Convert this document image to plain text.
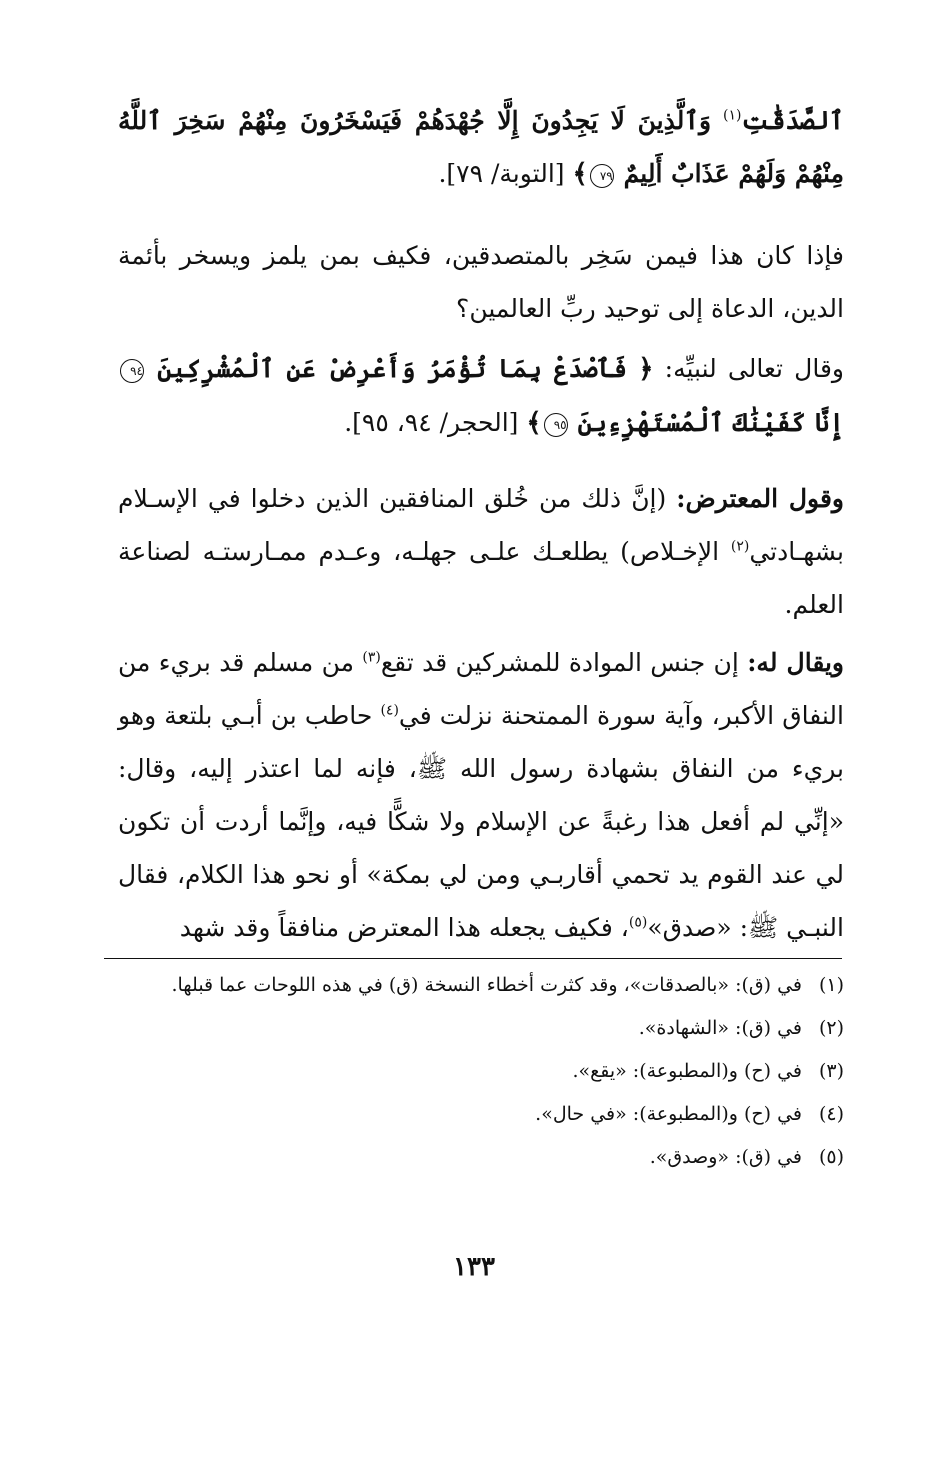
ٱلصَّدَقَٰتِ$^{(١)}$ وَٱلَّذِينَ لَا يَجِدُونَ إِلَّا جُهْدَهُمْ فَيَسْخَرُونَ مِنْهُمْ سَخِرَ ٱللَّهُ مِنْهُمْ وَلَهُمْ عَذَابٌ أَلِيمٌ ٧٩﴾ [التوبة/ ٧٩].
فإذا كان هذا فيمن سَخِر بالمتصدقين، فكيف بمن يلمز ويسخر بأئمة الدين، الدعاة إلى توحيد ربِّ العالمين؟
وقال تعالى لنبيِّه: ﴿ فَٱصْدَعْ بِمَا تُؤْمَرُ وَأَعْرِضْ عَنِ ٱلْمُشْرِكِينَ ٩٤ إِنَّا كَفَيْنَٰكَ ٱلْمُسْتَهْزِءِينَ ٩٥﴾ [الحجر/ ٩٤، ٩٥].
وقول المعترض: (إنَّ ذلك من خُلق المنافقين الذين دخلوا في الإسـلام بشهـادتي$^{(٢)}$ الإخـلاص) يطلعـك علـى جهلـه، وعـدم ممـارستـه لصناعة العلم.
ويقال له: إن جنس الموادة للمشركين قد تقع$^{(٣)}$ من مسلم قد بريء من النفاق الأكبر، وآية سورة الممتحنة نزلت في$^{(٤)}$ حاطب بن أبـي بلتعة وهو بريء من النفاق بشهادة رسول الله ﷺ، فإنه لما اعتذر إليه، وقال: «إنِّي لم أفعل هذا رغبةً عن الإسلام ولا شكًّا فيه، وإنَّما أردت أن تكون لي عند القوم يد تحمي أقاربـي ومن لي بمكة» أو نحو هذا الكلام، فقال النبـي ﷺ: «صدق»$^{(٥)}$، فكيف يجعله هذا المعترض منافقاً وقد شهد
(١)
في (ق): «بالصدقات»، وقد كثرت أخطاء النسخة (ق) في هذه اللوحات عما قبلها.
(٢)
في (ق): «الشهادة».
(٣)
في (ح) و(المطبوعة): «يقع».
(٤)
في (ح) و(المطبوعة): «في حال».
(٥)
في (ق): «وصدق».
١٣٣
